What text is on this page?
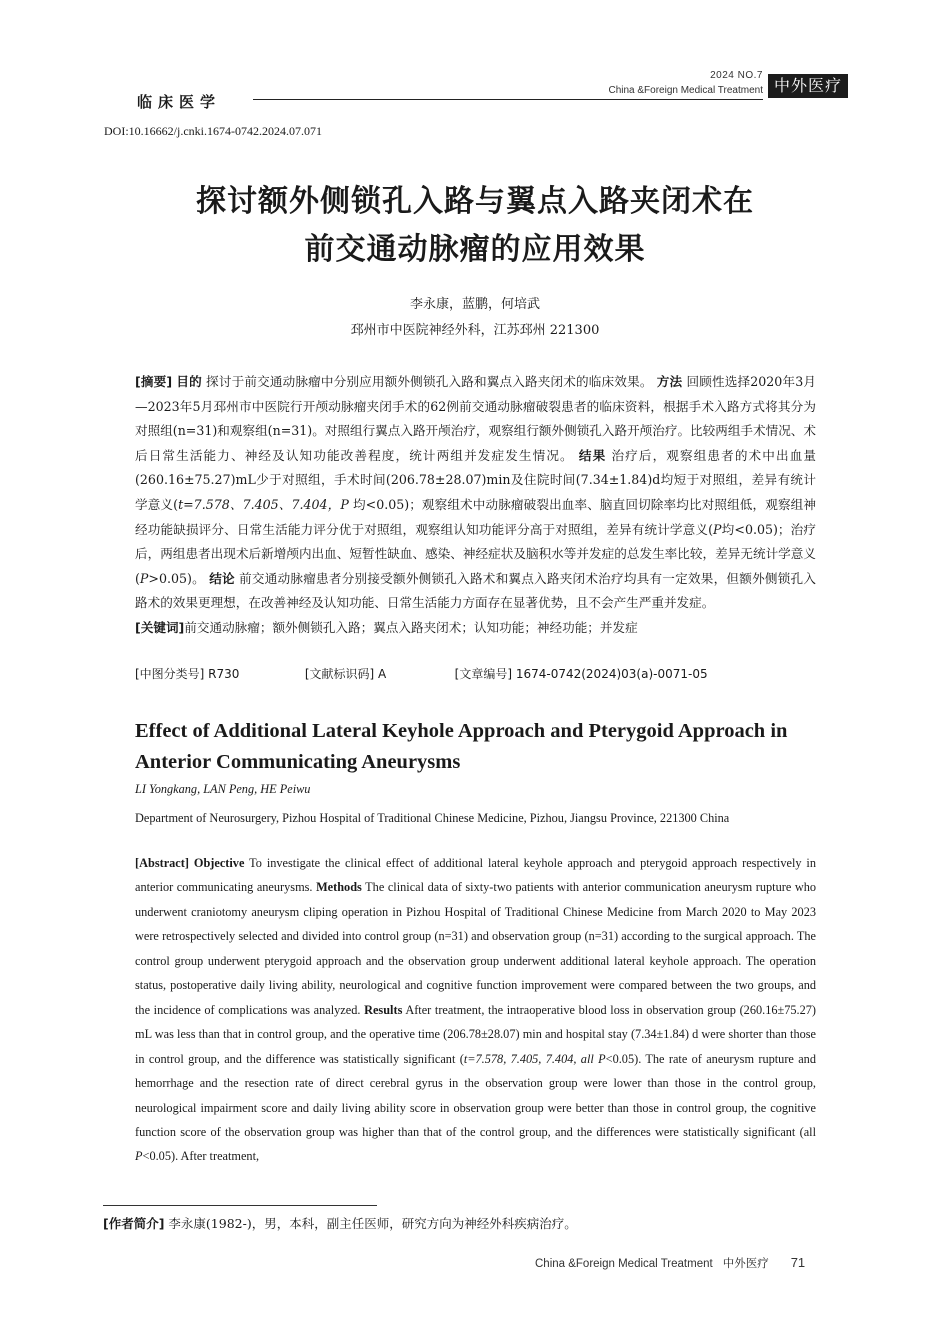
临床医学
2024 NO.7
China &Foreign Medical Treatment 中外医疗
DOI:10.16662/j.cnki.1674-0742.2024.07.071
探讨额外侧锁孔入路与翼点入路夹闭术在
前交通动脉瘤的应用效果
李永康，蓝鹏，何培武
邳州市中医院神经外科，江苏邳州 221300
[摘要] 目的 探讨于前交通动脉瘤中分别应用额外侧锁孔入路和翼点入路夹闭术的临床效果。 方法 回顾性选择2020年3月—2023年5月邳州市中医院行开颅动脉瘤夹闭手术的62例前交通动脉瘤破裂患者的临床资料，根据手术入路方式将其分为对照组(n=31)和观察组(n=31)。对照组行翼点入路开颅治疗，观察组行额外侧锁孔入路开颅治疗。比较两组手术情况、术后日常生活能力、神经及认知功能改善程度，统计两组并发症发生情况。 结果 治疗后，观察组患者的术中出血量(260.16±75.27)mL少于对照组，手术时间(206.78±28.07)min及住院时间(7.34±1.84)d均短于对照组，差异有统计学意义(t=7.578、7.405、7.404，P 均<0.05)；观察组术中动脉瘤破裂出血率、脑直回切除率均比对照组低，观察组神经功能缺损评分、日常生活能力评分优于对照组，观察组认知功能评分高于对照组，差异有统计学意义(P均<0.05)；治疗后，两组患者出现术后新增颅内出血、短暂性缺血、感染、神经症状及脑积水等并发症的总发生率比较，差异无统计学意义(P>0.05)。 结论 前交通动脉瘤患者分别接受额外侧锁孔入路术和翼点入路夹闭术治疗均具有一定效果，但额外侧锁孔入路术的效果更理想，在改善神经及认知功能、日常生活能力方面存在显著优势，且不会产生严重并发症。
[关键词]前交通动脉瘤；额外侧锁孔入路；翼点入路夹闭术；认知功能；神经功能；并发症
[中图分类号] R730	[文献标识码] A	[文章编号] 1674-0742(2024)03(a)-0071-05
Effect of Additional Lateral Keyhole Approach and Pterygoid Approach in Anterior Communicating Aneurysms
LI Yongkang, LAN Peng, HE Peiwu
Department of Neurosurgery, Pizhou Hospital of Traditional Chinese Medicine, Pizhou, Jiangsu Province, 221300 China
[Abstract] Objective To investigate the clinical effect of additional lateral keyhole approach and pterygoid approach respectively in anterior communicating aneurysms. Methods The clinical data of sixty-two patients with anterior communication aneurysm rupture who underwent craniotomy aneurysm cliping operation in Pizhou Hospital of Traditional Chinese Medicine from March 2020 to May 2023 were retrospectively selected and divided into control group (n=31) and observation group (n=31) according to the surgical approach. The control group underwent pterygoid approach and the observation group underwent additional lateral keyhole approach. The operation status, postoperative daily living ability, neurological and cognitive function improvement were compared between the two groups, and the incidence of complications was analyzed. Results After treatment, the intraoperative blood loss in observation group (260.16±75.27) mL was less than that in control group, and the operative time (206.78±28.07) min and hospital stay (7.34±1.84) d were shorter than those in control group, and the difference was statistically significant (t=7.578, 7.405, 7.404, all P<0.05). The rate of aneurysm rupture and hemorrhage and the resection rate of direct cerebral gyrus in the observation group were lower than those in the control group, neurological impairment score and daily living ability score in observation group were better than those in control group, the cognitive function score of the observation group was higher than that of the control group, and the differences were statistically significant (all P<0.05). After treatment,
[作者简介] 李永康(1982-)，男，本科，副主任医师，研究方向为神经外科疾病治疗。
China &Foreign Medical Treatment 中外医疗 71
